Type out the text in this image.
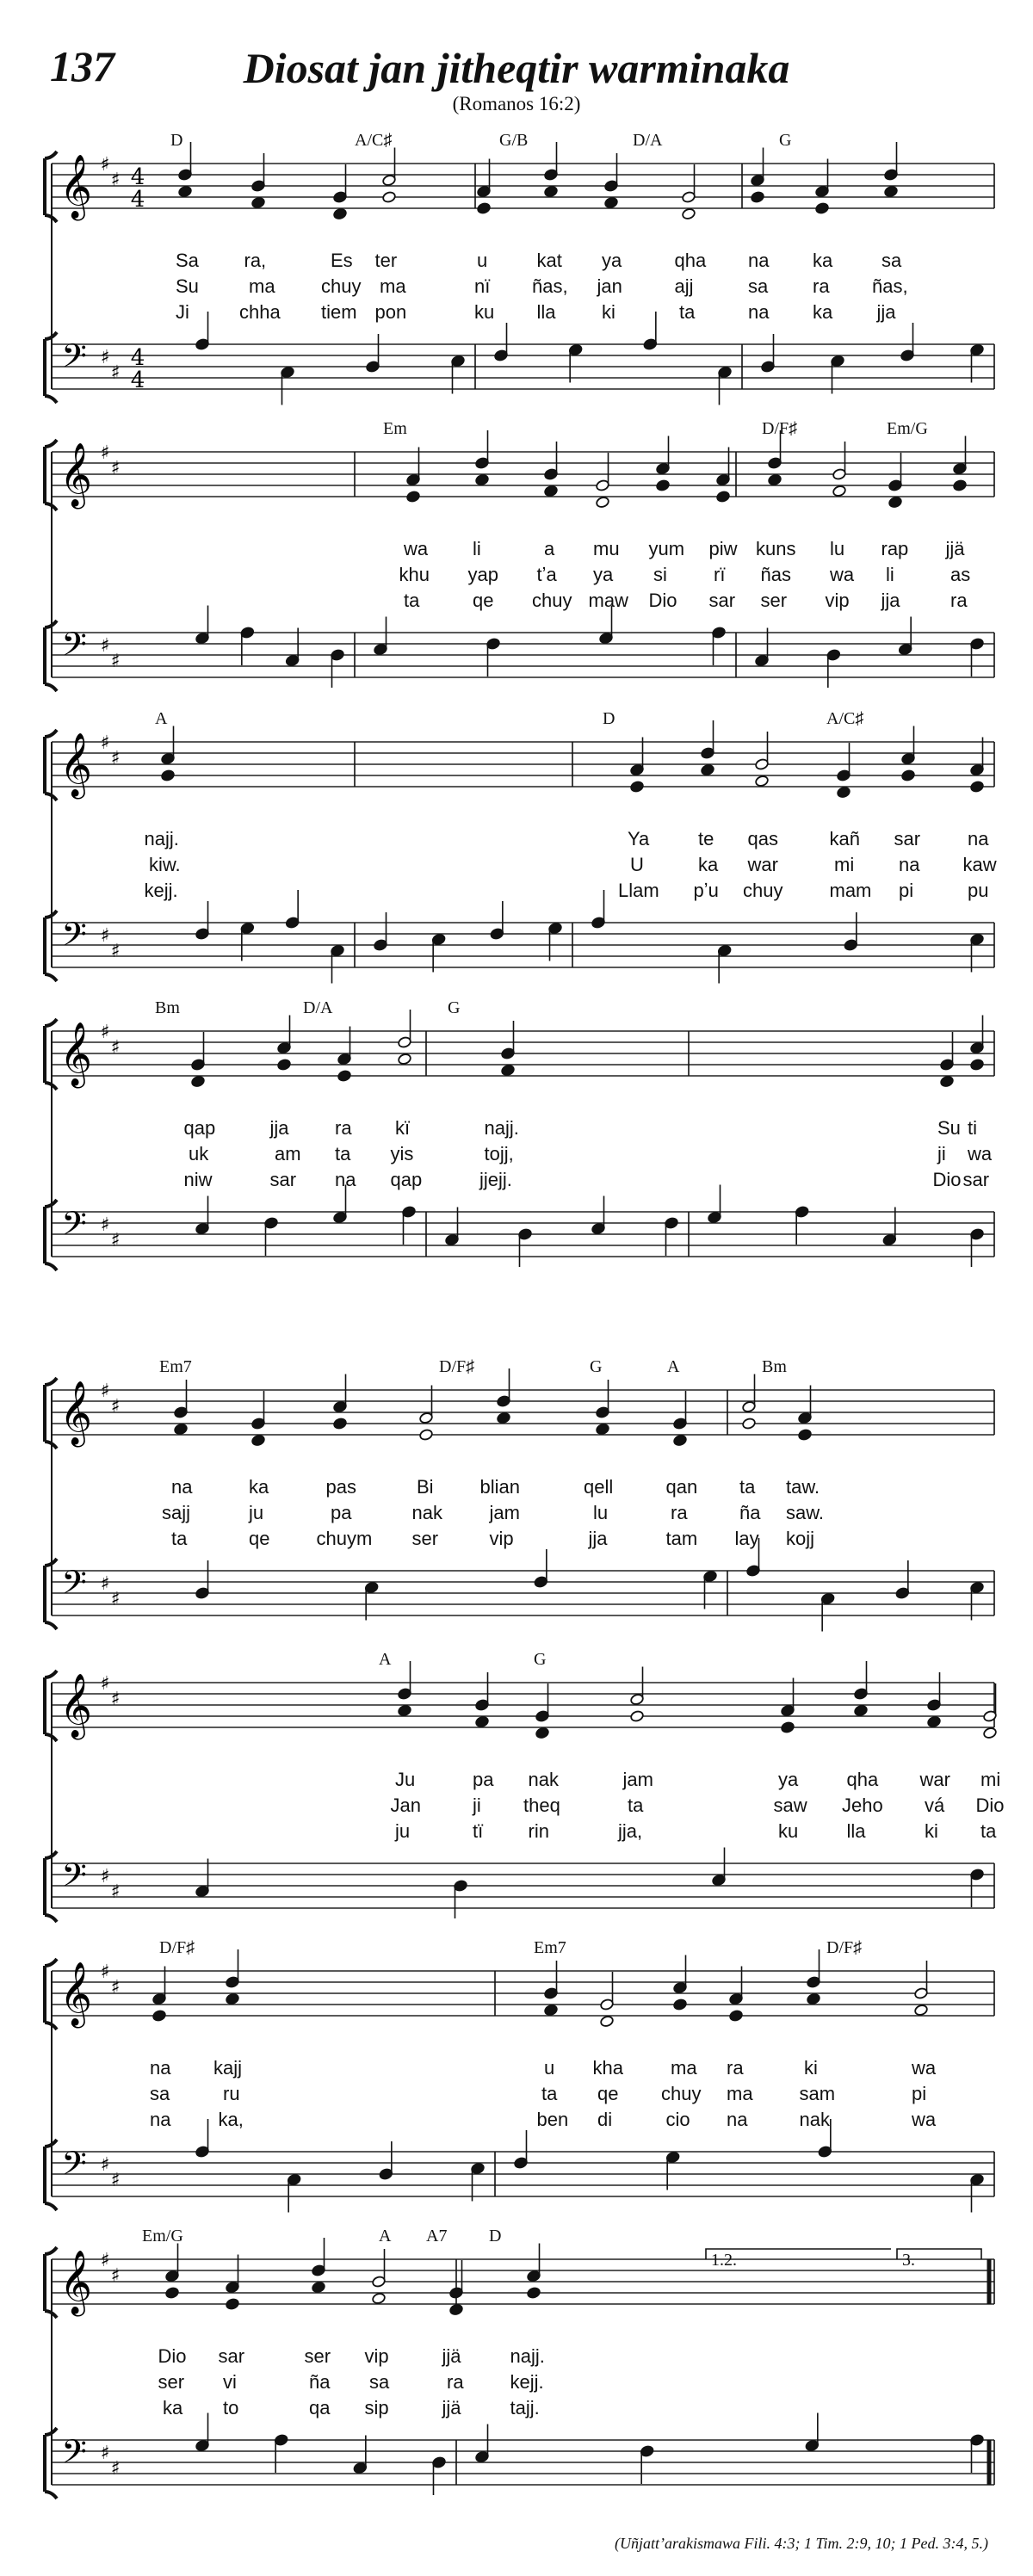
137	Diosat jan jitheqtir warminaka
(Romanos 16:2)
𝄞
𝄢
♯
♯
♯
♯
4
4
4
4
𝄞
𝄢
♯
♯
♯
♯
𝄞
𝄢
♯
♯
♯
♯
𝄞
𝄢
♯
♯
♯
♯
𝄞
𝄢
♯
♯
♯
♯
𝄞
𝄢
♯
♯
♯
♯
𝄞
𝄢
♯
♯
♯
♯
𝄞
𝄢
♯
♯
♯
♯
D	A/C♯	G/B	D/A	G
Sa ra,	Es ter	u	kat ya	qha na ka	sa
Su	ma chuy ma	nï ñas, jan	ajj	sa ra ñas,
Ji	chha tiem pon	ku lla ki	ta	na ka jja
Em	D/F♯	Em/G
wa li	a mu yum piw kuns lu rap jjä
khu yap tʼa ya si rï ñas wa li	as
ta	qe chuy maw Dio sar ser vip jja	ra
A	D	A/C♯
najj.	Ya	te qas	kañ sar na
kiw.	U	ka war	mi na kaw
kejj.	Llam pʼu chuy mam pi	pu
Bm	D/A	G
qap	jja ra kï	najj.	Su ti
uk	am ta yis	tojj,	ji wa
niw	sar na qap	jjejj.	Dio sar
Em7	D/F♯	G	A	Bm
na	ka	pas	Bi blian	qell	qan ta taw.
sajj	ju	pa	nak jam	lu	ra	ña saw.
ta	qe chuym ser	vip	jja	tam lay kojj
A	G
Ju	pa nak	jam	ya	qha war mi
Jan	ji theq	ta	saw Jeho vá Dio
ju	tï rin	jja,	ku	lla	ki ta
D/F♯	Em7	D/F♯
na kajj	u kha	ma ra	ki	wa
sa	ru	ta qe chuy ma sam	pi
na	ka,	ben di	cio na	nak	wa
Em/G	A A7 D
Dio sar	ser vip	jjä	najj.
ser vi	ña sa	ra kejj.
ka to	qa sip	jjä	tajj.
1.2.	3.
(Uñjattʼarakismawa Fili. 4:3; 1 Tim. 2:9, 10; 1 Ped. 3:4, 5.)
